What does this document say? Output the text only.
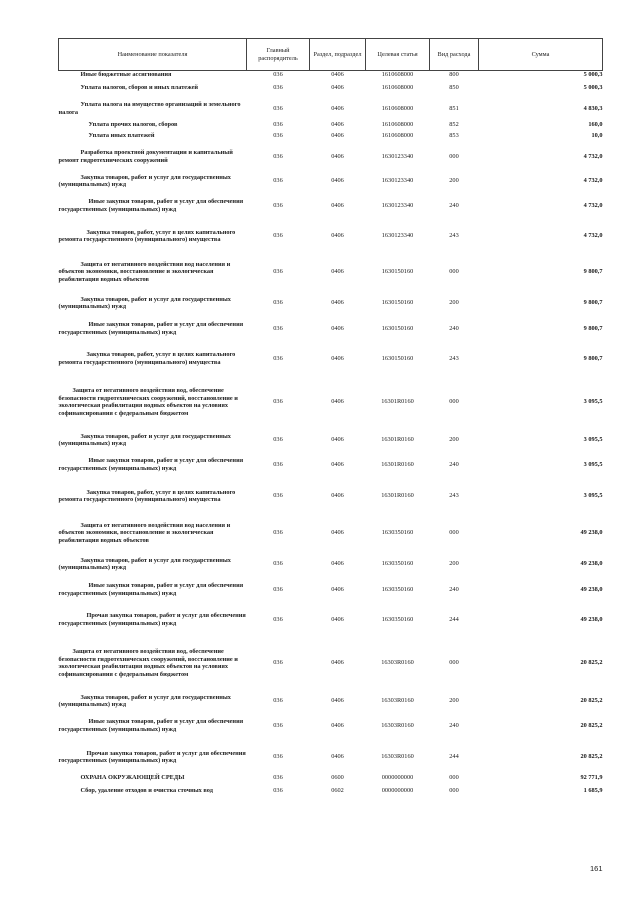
Наименование показателя	Главный распорядитель	Раздел, подраздел	Целевая статья	Вид расхода	Сумма
Иные бюджетные ассигнования	036	0406	1610608000	800	5 000,3
Уплата налогов, сборов и иных платежей	036	0406	1610608000	850	5 000,3
Уплата налога на имущество организаций и земельного налога	036	0406	1610608000	851	4 830,3
Уплата прочих налогов, сборов	036	0406	1610608000	852	160,0
Уплата иных платежей	036	0406	1610608000	853	10,0
Разработка проектной документации и капитальный ремонт гидротехнических сооружений	036	0406	1630123340	000	4 732,0
Закупка товаров, работ и услуг для государственных (муниципальных) нужд	036	0406	1630123340	200	4 732,0
Иные закупки товаров, работ и услуг для обеспечения государственных (муниципальных) нужд	036	0406	1630123340	240	4 732,0
Закупка товаров, работ, услуг в целях капитального ремонта государственного (муниципального) имущества	036	0406	1630123340	243	4 732,0
Защита от негативного воздействия вод населения и объектов экономики, восстановление и экологическая реабилитация водных объектов	036	0406	1630150160	000	9 800,7
Закупка товаров, работ и услуг для государственных (муниципальных) нужд	036	0406	1630150160	200	9 800,7
Иные закупки товаров, работ и услуг для обеспечения государственных (муниципальных) нужд	036	0406	1630150160	240	9 800,7
Закупка товаров, работ, услуг в целях капитального ремонта государственного (муниципального) имущества	036	0406	1630150160	243	9 800,7
Защита от негативного воздействия вод, обеспечение безопасности гидротехнических сооружений, восстановление и экологическая реабилитация водных объектов на условиях софинансирования с федеральным бюджетом	036	0406	16301R0160	000	3 095,5
Закупка товаров, работ и услуг для государственных (муниципальных) нужд	036	0406	16301R0160	200	3 095,5
Иные закупки товаров, работ и услуг для обеспечения государственных (муниципальных) нужд	036	0406	16301R0160	240	3 095,5
Закупка товаров, работ, услуг в целях капитального ремонта государственного (муниципального) имущества	036	0406	16301R0160	243	3 095,5
Защита от негативного воздействия вод населения и объектов экономики, восстановление и экологическая реабилитация водных объектов	036	0406	1630350160	000	49 238,0
Закупка товаров, работ и услуг для государственных (муниципальных) нужд	036	0406	1630350160	200	49 238,0
Иные закупки товаров, работ и услуг для обеспечения государственных (муниципальных) нужд	036	0406	1630350160	240	49 238,0
Прочая закупка товаров, работ и услуг для обеспечения государственных (муниципальных) нужд	036	0406	1630350160	244	49 238,0
Защита от негативного воздействия вод, обеспечение безопасности гидротехнических сооружений, восстановление и экологическая реабилитация водных объектов на условиях софинансирования с федеральным бюджетом	036	0406	16303R0160	000	20 825,2
Закупка товаров, работ и услуг для государственных (муниципальных) нужд	036	0406	16303R0160	200	20 825,2
Иные закупки товаров, работ и услуг для обеспечения государственных (муниципальных) нужд	036	0406	16303R0160	240	20 825,2
Прочая закупка товаров, работ и услуг для обеспечения государственных (муниципальных) нужд	036	0406	16303R0160	244	20 825,2
ОХРАНА ОКРУЖАЮЩЕЙ СРЕДЫ	036	0600	0000000000	000	92 771,9
Сбор, удаление отходов и очистка сточных вод	036	0602	0000000000	000	1 685,9
161
